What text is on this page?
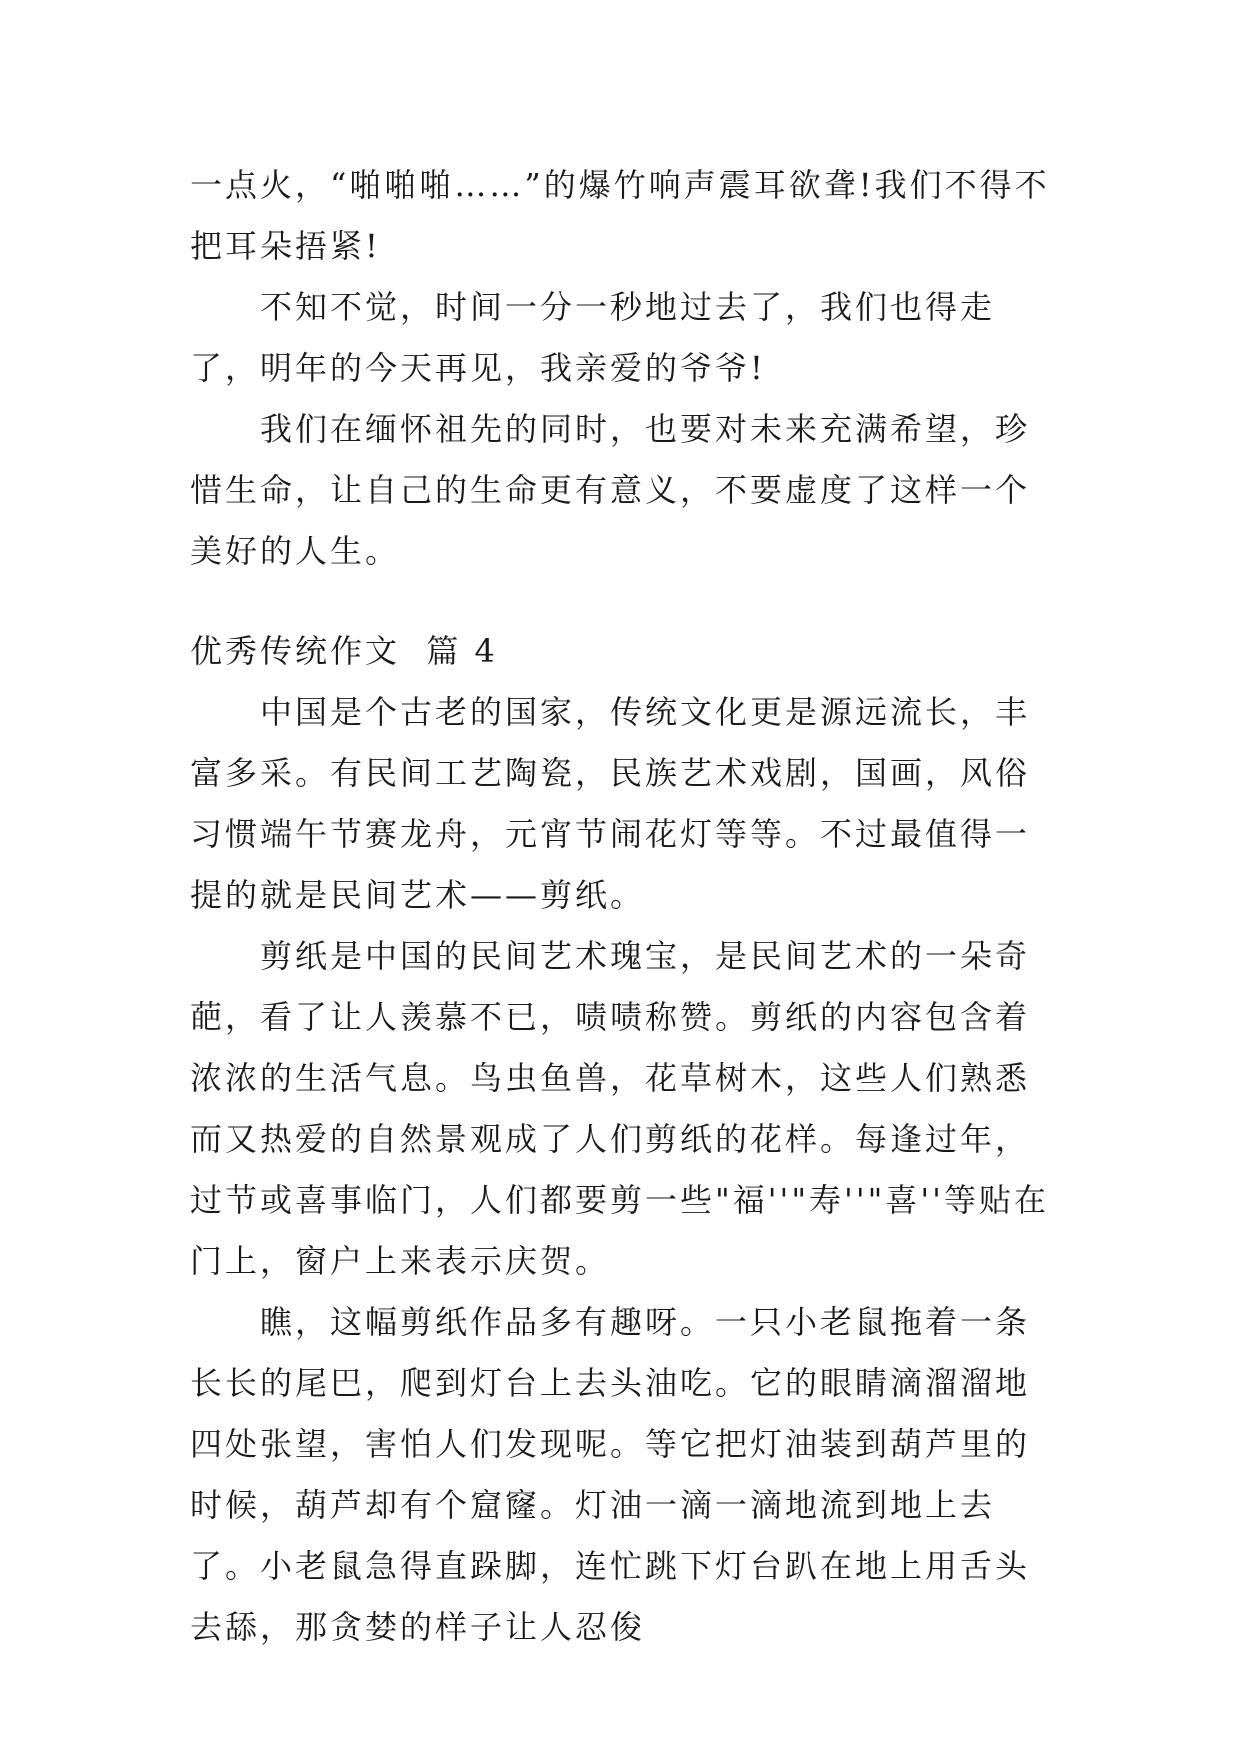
一点火，“啪啪啪……”的爆竹响声震耳欲聋!我们不得不把耳朵捂紧!

不知不觉，时间一分一秒地过去了，我们也得走了，明年的今天再见，我亲爱的爷爷!

我们在缅怀祖先的同时，也要对未来充满希望，珍惜生命，让自己的生命更有意义，不要虚度了这样一个美好的人生。

优秀传统作文  篇 4

中国是个古老的国家，传统文化更是源远流长，丰富多采。有民间工艺陶瓷，民族艺术戏剧，国画，风俗习惯端午节赛龙舟，元宵节闹花灯等等。不过最值得一提的就是民间艺术——剪纸。

剪纸是中国的民间艺术瑰宝，是民间艺术的一朵奇葩，看了让人羡慕不已，啧啧称赞。剪纸的内容包含着浓浓的生活气息。鸟虫鱼兽，花草树木，这些人们熟悉而又热爱的自然景观成了人们剪纸的花样。每逢过年，过节或喜事临门，人们都要剪一些"福''"寿''"喜''等贴在门上，窗户上来表示庆贺。

瞧，这幅剪纸作品多有趣呀。一只小老鼠拖着一条长长的尾巴，爬到灯台上去头油吃。它的眼睛滴溜溜地四处张望，害怕人们发现呢。等它把灯油装到葫芦里的时候，葫芦却有个窟窿。灯油一滴一滴地流到地上去了。小老鼠急得直跺脚，连忙跳下灯台趴在地上用舌头去舔，那贪婪的样子让人忍俊
